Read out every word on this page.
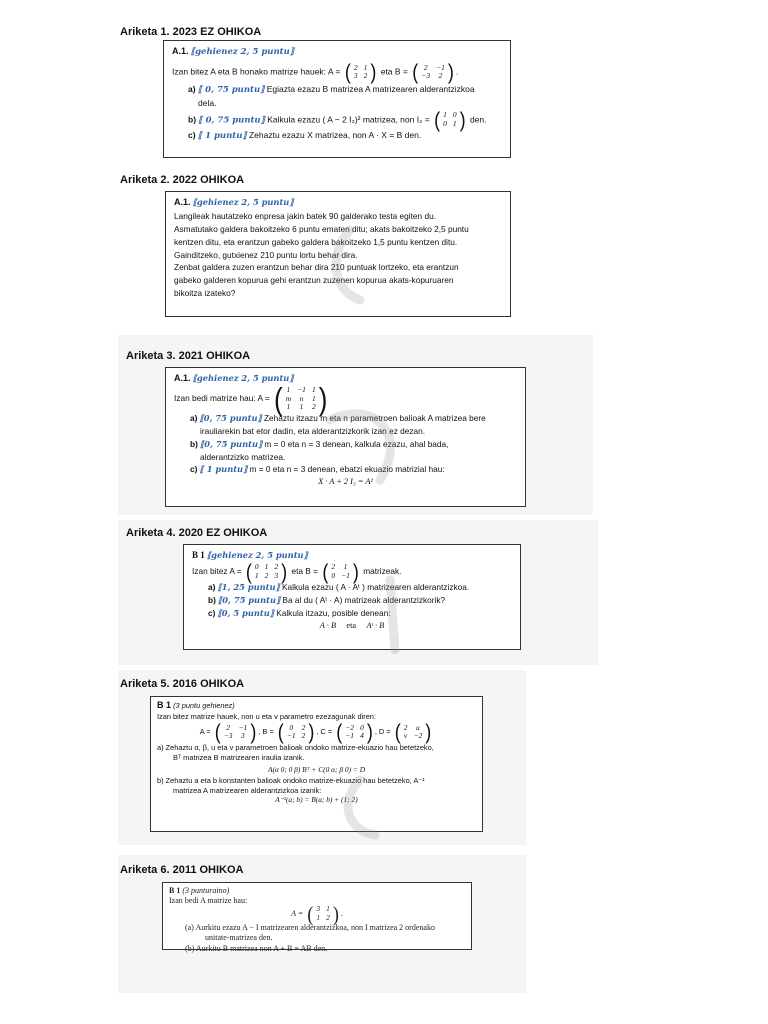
Ariketa 1. 2023 EZ OHIKOA
A.1. ⟦gehienez 2, 5 puntu⟧
Izan bitez A eta B honako matrize hauek: A = ( 2	1
3	2 ) eta B = ( 2	−1
−3	2 ) .
a) ⟦ 0, 75 puntu⟧ Egiazta ezazu B matrizea A matrizearen alderantzizkoa
dela.
b) ⟦ 0, 75 puntu⟧ Kalkula ezazu ( A − 2 I₂)² matrizea, non I₂ = ( 1	0
0	1 ) den.
c) ⟦ 1 puntu⟧ Zehaztu ezazu X matrizea, non A · X = B den.
Ariketa 2. 2022 OHIKOA
A.1. ⟦gehienez 2, 5 puntu⟧
Langileak hautatzeko enpresa jakin batek 90 galderako testa egiten du.
Asmatutako galdera bakoitzeko 6 puntu ematen ditu; akats bakoitzeko 2,5 puntu
kentzen ditu, eta erantzun gabeko galdera bakoitzeko 1,5 puntu kentzen ditu.
Gainditzeko, gutxienez 210 puntu lortu behar dira.
Zenbat galdera zuzen erantzun behar dira 210 puntuak lortzeko, eta erantzun
gabeko galderen kopurua gehi erantzun zuzenen kopurua akats-kopuruaren
bikoitza izateko?
Ariketa 3. 2021 OHIKOA
A.1. ⟦gehienez 2, 5 puntu⟧
Izan bedi matrize hau: A = ( 1	−1	1
m	n	1
1	1	2 )
a) ⟦0, 75 puntu⟧ Zehaztu itzazu m eta n parametroen balioak A matrizea bere
irauliarekin bat etor dadin, eta alderantzizkorik izan ez dezan.
b) ⟦0, 75 puntu⟧ m = 0 eta n = 3 denean, kalkula ezazu, ahal bada,
alderantzizko matrizea.
c) ⟦ 1 puntu⟧ m = 0 eta n = 3 denean, ebatzi ekuazio matrizial hau:
X · A + 2 I₃ = A²
Ariketa 4. 2020 EZ OHIKOA
B 1 ⟦gehienez 2, 5 puntu⟧
Izan bitez A = ( 0	1	2
1	2	3 ) eta B = ( 2	1
0	−1 ) matrizeak.
a) ⟦1, 25 puntu⟧ Kalkula ezazu ( A · Aᵗ ) matrizearen alderantzizkoa.
b) ⟦0, 75 puntu⟧ Ba al du ( Aᵗ · A) matrizeak alderantzizkorik?
c) ⟦0, 5 puntu⟧ Kalkula itzazu, posible denean:
A · B eta Aᵗ · B
Ariketa 5. 2016 OHIKOA
B 1 (3 puntu gehienez)
Izan bitez matrize hauek, non u eta v parametro ezezagunak diren:
A = ( 2	−1
−3	3 ) , B = ( 0	2
−1	2 ) , C = ( −2	0
−1	4 ) , D = ( 2	u
v	−2 )
a) Zehaztu α, β, u eta v parametroen balioak ondoko matrize-ekuazio hau betetzeko,
Bᵀ matrizea B matrizearen iraulia izanik.
A(α 0; 0 β) Bᵀ + C(0 α; β 0) = D
b) Zehaztu a eta b konstanten balioak ondoko matrize-ekuazio hau betetzeko, A⁻¹
matrizea A matrizearen alderantzizkoa izanik:
A⁻¹(a; b) = B(a; b) + (1; 2)
Ariketa 6. 2011 OHIKOA
B 1 (3 punturaino)
Izan bedi A matrize hau:
A = ( 3	1
1	2 ) .
(a) Aurkitu ezazu A − I matrizearen alderantzizkoa, non I matrizea 2 ordenako
unitate-matrizea den.
(b) Aurkitu B matrizea non A + B = AB den.
